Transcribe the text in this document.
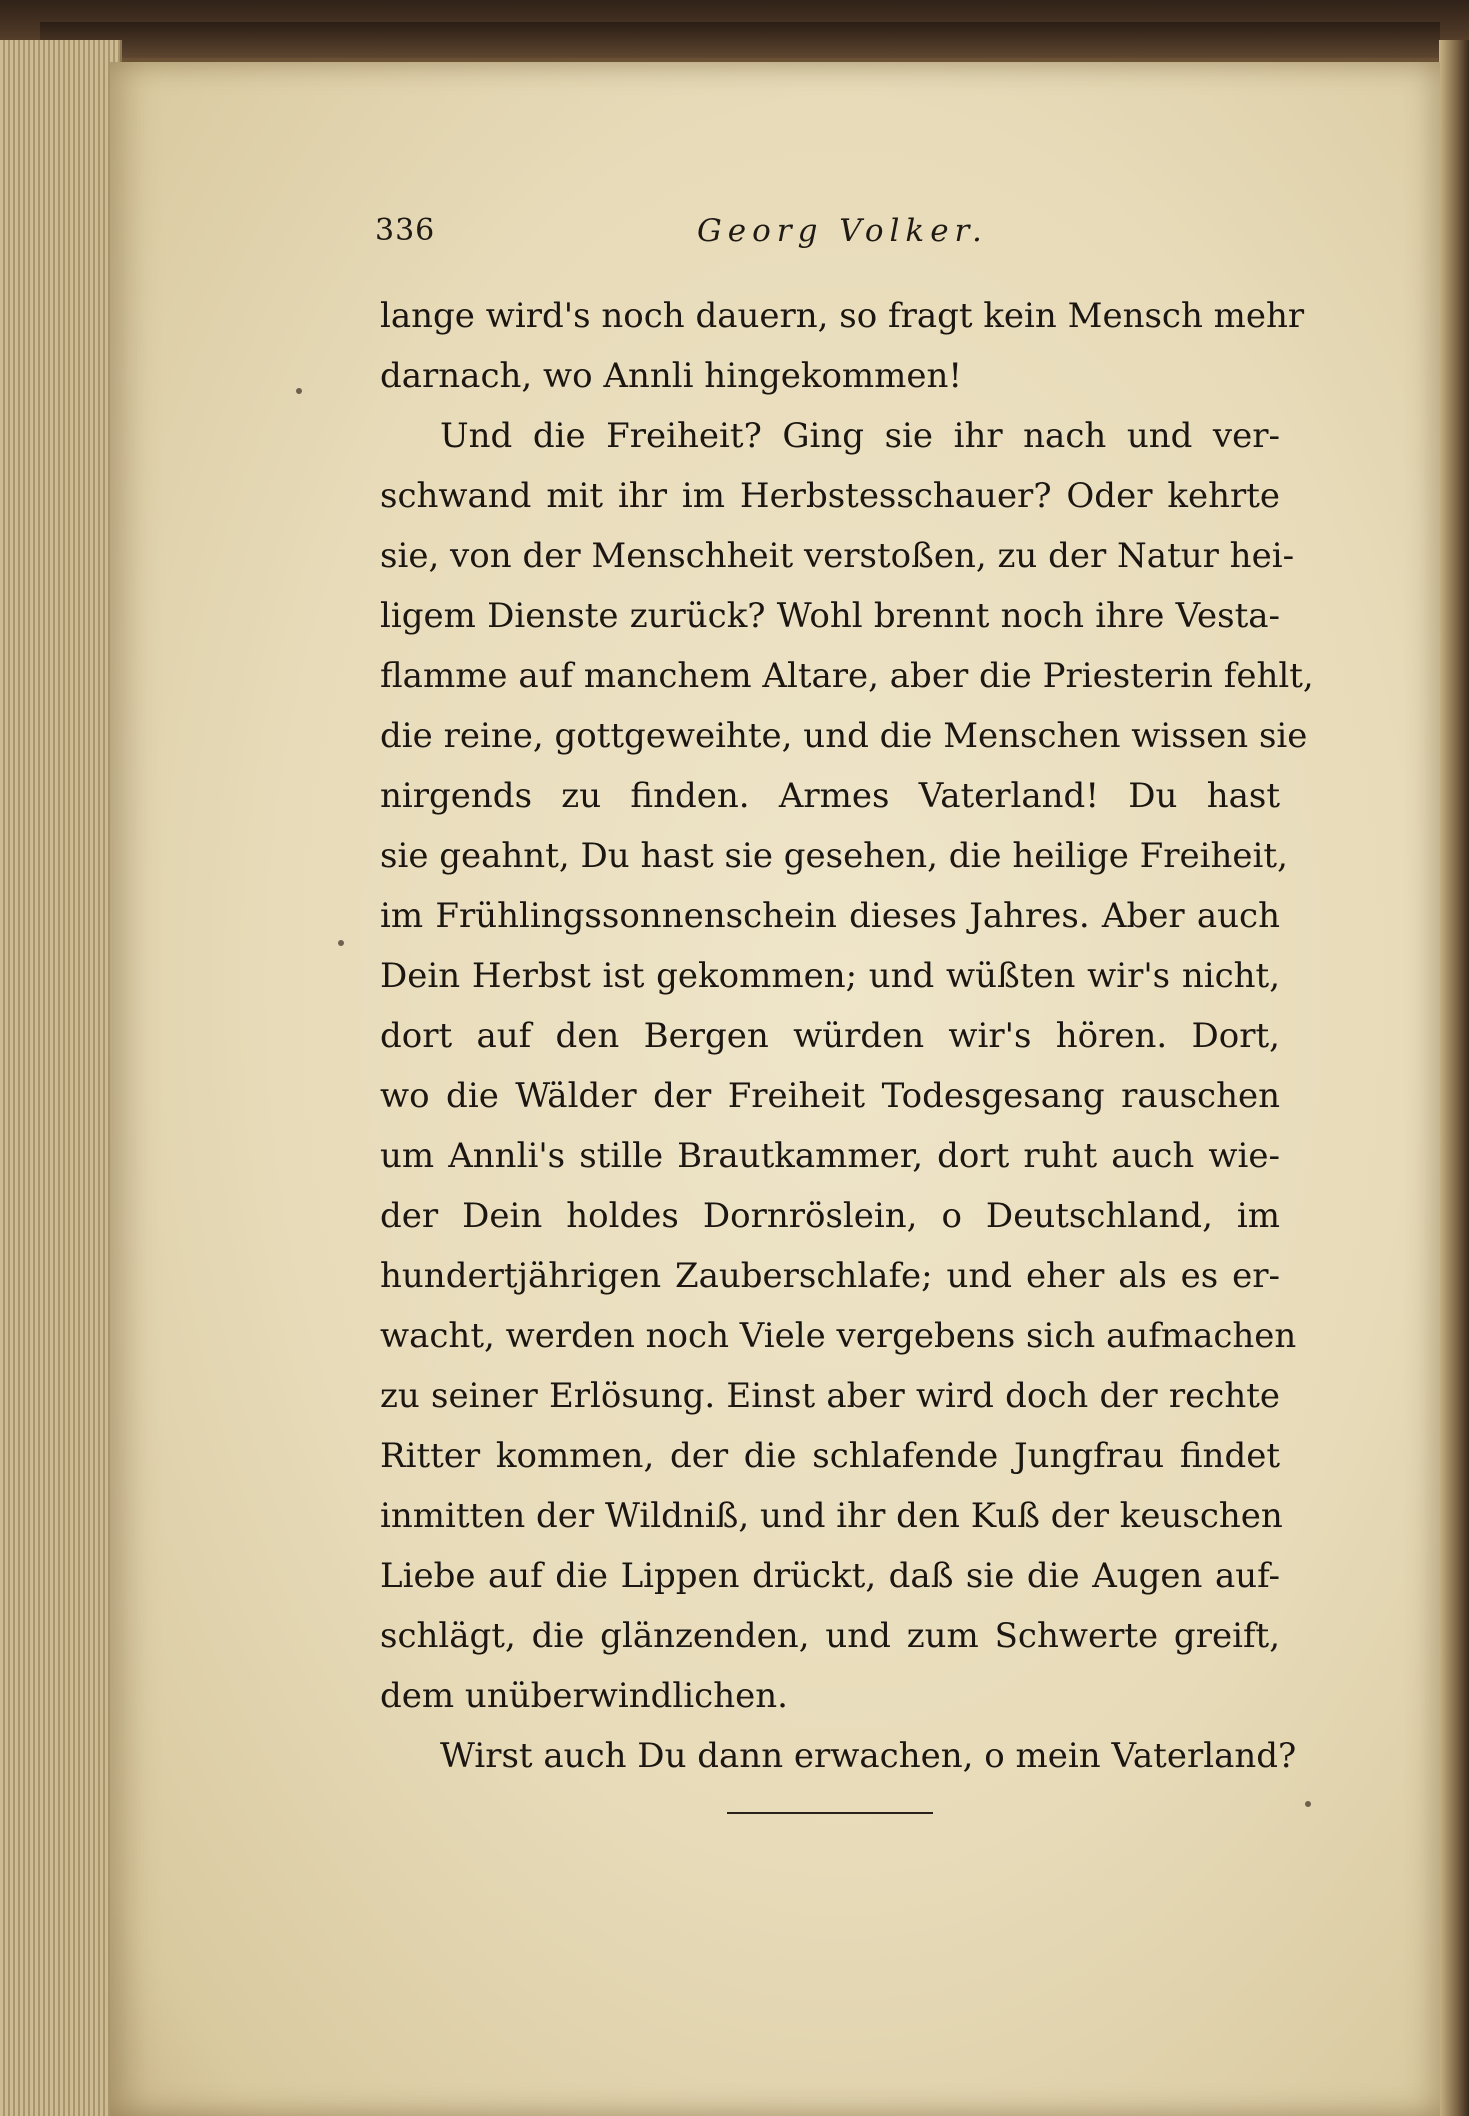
336	Georg Volker.
lange wird's noch dauern, so fragt kein Mensch mehr
darnach, wo Annli hingekommen!
Und die Freiheit? Ging sie ihr nach und ver-
schwand mit ihr im Herbstesschauer? Oder kehrte
sie, von der Menschheit verstoßen, zu der Natur hei-
ligem Dienste zurück? Wohl brennt noch ihre Vesta-
flamme auf manchem Altare, aber die Priesterin fehlt,
die reine, gottgeweihte, und die Menschen wissen sie
nirgends zu finden. Armes Vaterland! Du hast
sie geahnt, Du hast sie gesehen, die heilige Freiheit,
im Frühlingssonnenschein dieses Jahres. Aber auch
Dein Herbst ist gekommen; und wüßten wir's nicht,
dort auf den Bergen würden wir's hören. Dort,
wo die Wälder der Freiheit Todesgesang rauschen
um Annli's stille Brautkammer, dort ruht auch wie-
der Dein holdes Dornröslein, o Deutschland, im
hundertjährigen Zauberschlafe; und eher als es er-
wacht, werden noch Viele vergebens sich aufmachen
zu seiner Erlösung. Einst aber wird doch der rechte
Ritter kommen, der die schlafende Jungfrau findet
inmitten der Wildniß, und ihr den Kuß der keuschen
Liebe auf die Lippen drückt, daß sie die Augen auf-
schlägt, die glänzenden, und zum Schwerte greift,
dem unüberwindlichen.
Wirst auch Du dann erwachen, o mein Vaterland?
